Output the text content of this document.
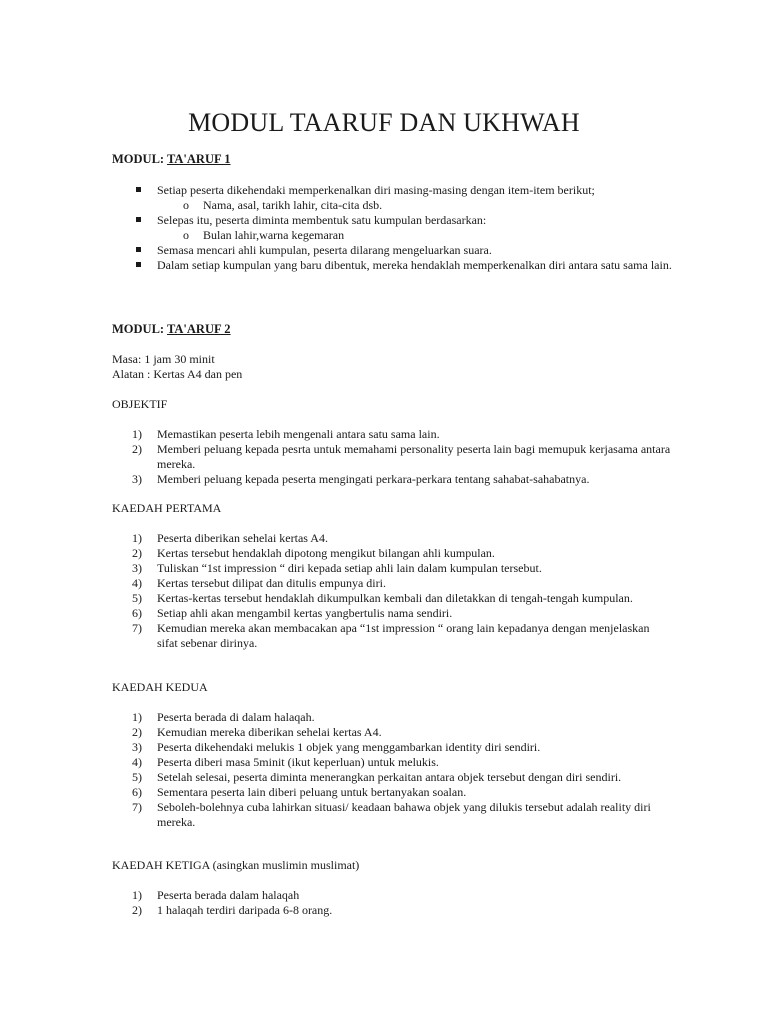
MODUL TAARUF DAN UKHWAH
MODUL: TA'ARUF 1
Setiap peserta dikehendaki memperkenalkan diri masing-masing dengan item-item berikut;
o Nama, asal, tarikh lahir, cita-cita dsb.
Selepas itu, peserta diminta membentuk satu kumpulan berdasarkan:
o Bulan lahir,warna kegemaran
Semasa mencari ahli kumpulan, peserta dilarang mengeluarkan suara.
Dalam setiap kumpulan yang baru dibentuk, mereka hendaklah memperkenalkan diri antara satu sama lain.
MODUL: TA'ARUF 2
Masa: 1 jam 30 minit
Alatan : Kertas A4 dan pen
OBJEKTIF
1) Memastikan peserta lebih mengenali antara satu sama lain.
2) Memberi peluang kepada pesrta untuk memahami personality peserta lain bagi memupuk kerjasama antara mereka.
3) Memberi peluang kepada peserta mengingati perkara-perkara tentang sahabat-sahabatnya.
KAEDAH PERTAMA
1) Peserta diberikan sehelai kertas A4.
2) Kertas tersebut hendaklah dipotong mengikut bilangan ahli kumpulan.
3) Tuliskan “1st impression “ diri kepada setiap ahli lain dalam kumpulan tersebut.
4) Kertas tersebut dilipat dan ditulis empunya diri.
5) Kertas-kertas tersebut hendaklah dikumpulkan kembali dan diletakkan di tengah-tengah kumpulan.
6) Setiap ahli akan mengambil kertas yangbertulis nama sendiri.
7) Kemudian mereka akan membacakan apa “1st impression “ orang lain kepadanya dengan menjelaskan sifat sebenar dirinya.
KAEDAH KEDUA
1) Peserta berada di dalam halaqah.
2) Kemudian mereka diberikan sehelai kertas A4.
3) Peserta dikehendaki melukis 1 objek yang menggambarkan identity diri sendiri.
4) Peserta diberi masa 5minit (ikut keperluan) untuk melukis.
5) Setelah selesai, peserta diminta menerangkan perkaitan antara objek tersebut dengan diri sendiri.
6) Sementara peserta lain diberi peluang untuk bertanyakan soalan.
7) Seboleh-bolehnya cuba lahirkan situasi/ keadaan bahawa objek yang dilukis tersebut adalah reality diri mereka.
KAEDAH KETIGA (asingkan muslimin muslimat)
1) Peserta berada dalam halaqah
2) 1 halaqah terdiri daripada 6-8 orang.
